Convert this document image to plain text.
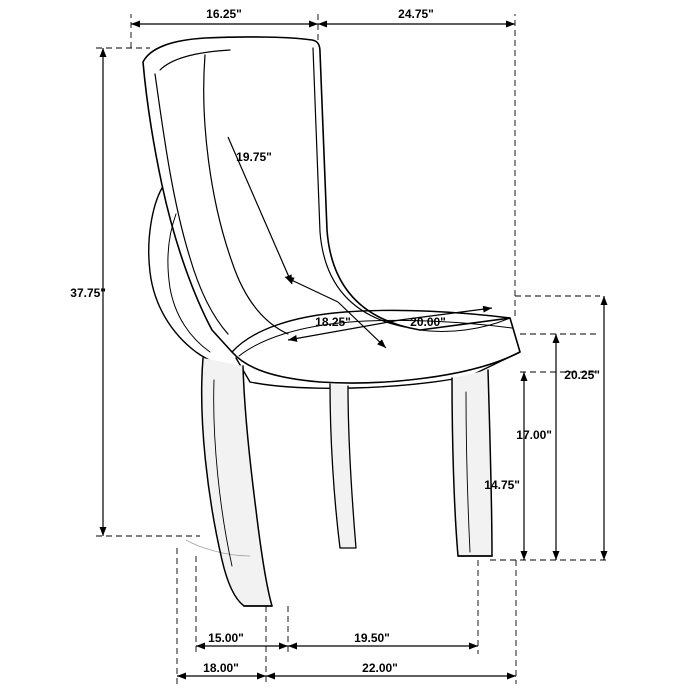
16.25"	24.75"
19.75"
37.75"
18.25"	20.00"
20.25"
17.00"
14.75"
15.00"
18.00"
19.50"
22.00"
